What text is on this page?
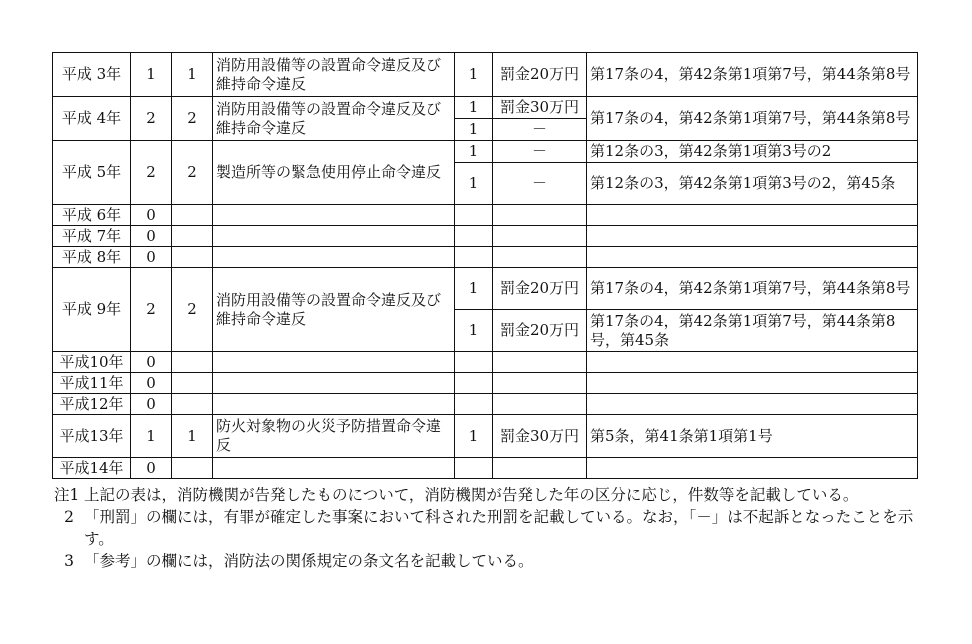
平成 3年	1	1	消防用設備等の設置命令違反及び維持命令違反	1	罰金20万円	第17条の4，第42条第1項第7号，第44条第8号
平成 4年	2	2	消防用設備等の設置命令違反及び維持命令違反	1	罰金30万円	第17条の4，第42条第1項第7号，第44条第8号
				1	－	
平成 5年	2	2	製造所等の緊急使用停止命令違反	1	－	第12条の3，第42条第1項第3号の2
				1	－	第12条の3，第42条第1項第3号の2，第45条
平成 6年	0					
平成 7年	0					
平成 8年	0					
平成 9年	2	2	消防用設備等の設置命令違反及び維持命令違反	1	罰金20万円	第17条の4，第42条第1項第7号，第44条第8号
				1	罰金20万円	第17条の4，第42条第1項第7号，第44条第8号，第45条
平成10年	0					
平成11年	0					
平成12年	0					
平成13年	1	1	防火対象物の火災予防措置命令違反	1	罰金30万円	第5条，第41条第1項第1号
平成14年	0					
注1 上記の表は，消防機関が告発したものについて，消防機関が告発した年の区分に応じ，件数等を記載している。
2 「刑罰」の欄には，有罪が確定した事案において科された刑罰を記載している。なお，「－」は不起訴となったことを示す。
3 「参考」の欄には，消防法の関係規定の条文名を記載している。
